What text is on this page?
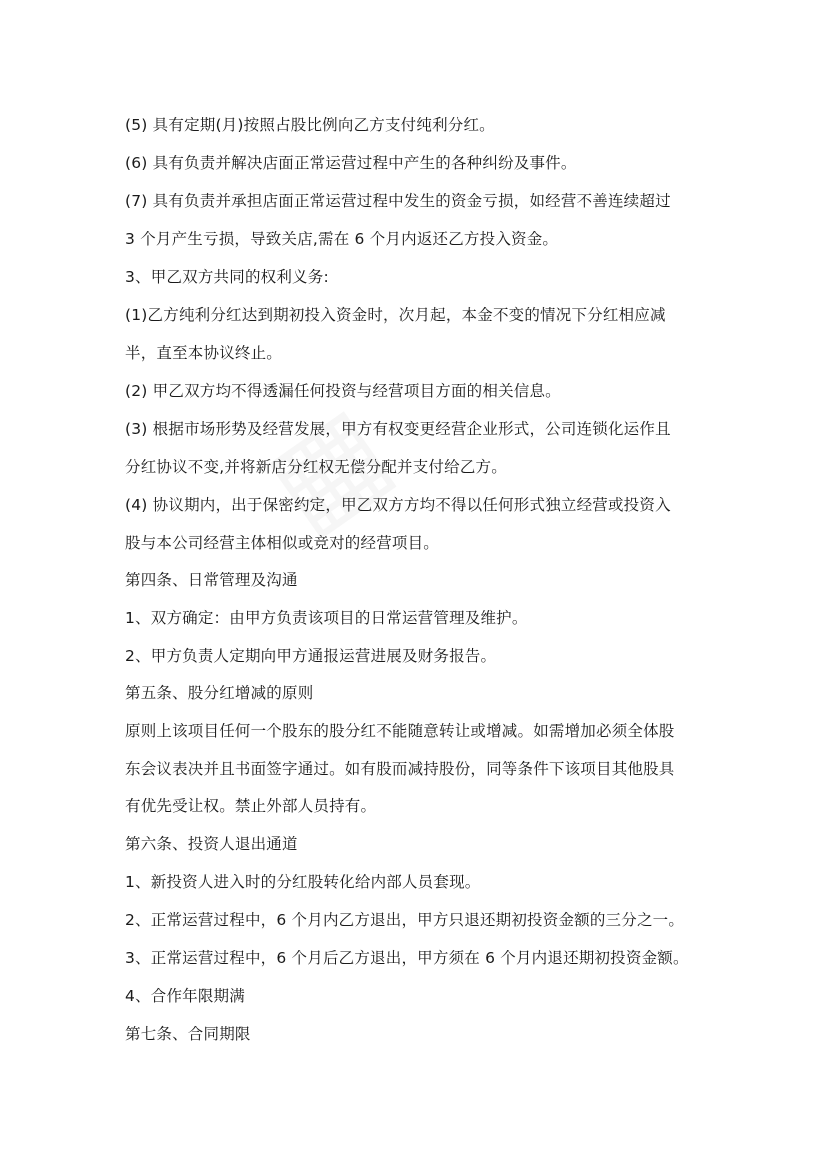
(5) 具有定期(月)按照占股比例向乙方支付纯利分红。
(6) 具有负责并解决店面正常运营过程中产生的各种纠纷及事件。
(7) 具有负责并承担店面正常运营过程中发生的资金亏损，如经营不善连续超过
3 个月产生亏损，导致关店,需在 6 个月内返还乙方投入资金。
3、甲乙双方共同的权利义务:
(1)乙方纯利分红达到期初投入资金时，次月起，本金不变的情况下分红相应减
半，直至本协议终止。
(2) 甲乙双方均不得透漏任何投资与经营项目方面的相关信息。
(3) 根据市场形势及经营发展，甲方有权变更经营企业形式，公司连锁化运作且
分红协议不变,并将新店分红权无偿分配并支付给乙方。
(4) 协议期内，出于保密约定，甲乙双方方均不得以任何形式独立经营或投资入
股与本公司经营主体相似或竞对的经营项目。
第四条、日常管理及沟通
1、双方确定：由甲方负责该项目的日常运营管理及维护。
2、甲方负责人定期向甲方通报运营进展及财务报告。
第五条、股分红增减的原则
原则上该项目任何一个股东的股分红不能随意转让或增减。如需增加必须全体股
东会议表决并且书面签字通过。如有股而减持股份，同等条件下该项目其他股具
有优先受让权。禁止外部人员持有。
第六条、投资人退出通道
1、新投资人进入时的分红股转化给内部人员套现。
2、正常运营过程中，6 个月内乙方退出，甲方只退还期初投资金额的三分之一。
3、正常运营过程中，6 个月后乙方退出，甲方须在 6 个月内退还期初投资金额。
4、合作年限期满
第七条、合同期限
